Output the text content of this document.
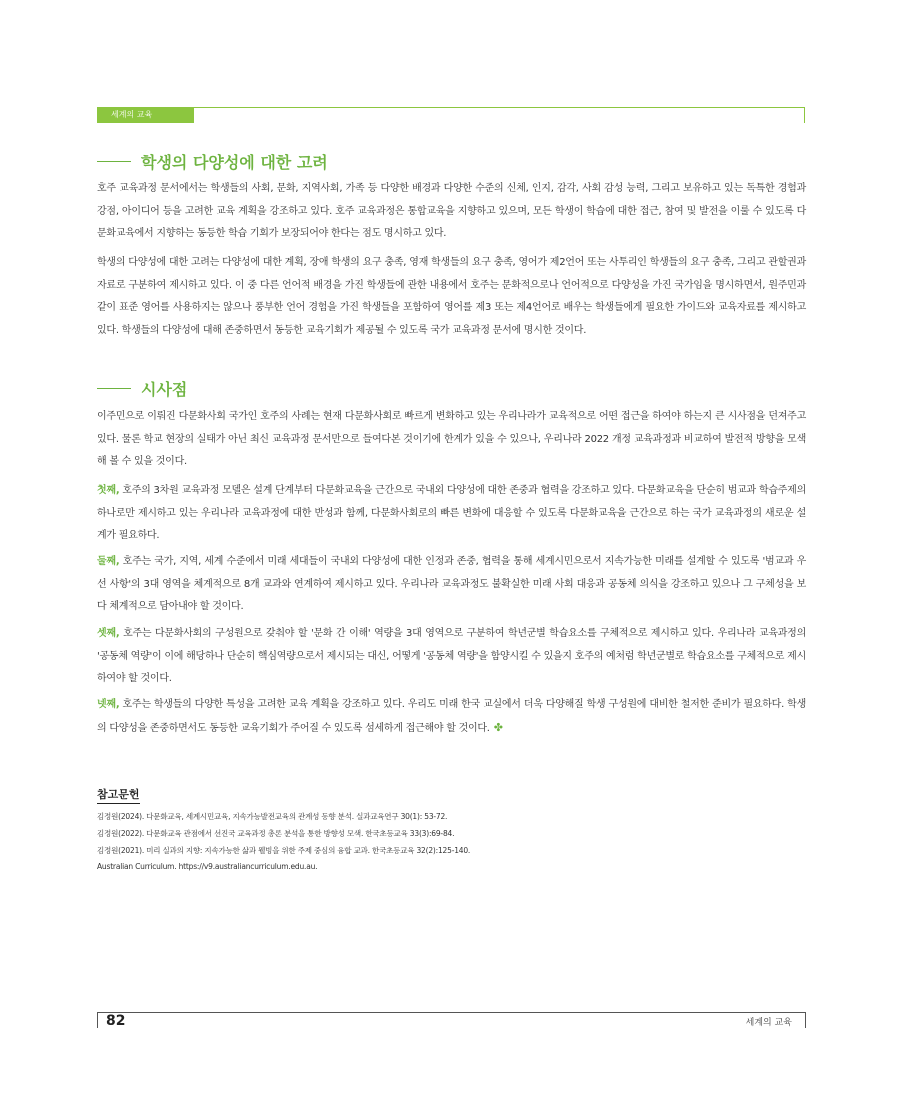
세계의 교육
학생의 다양성에 대한 고려

호주 교육과정 문서에서는 학생들의 사회, 문화, 지역사회, 가족 등 다양한 배경과 다양한 수준의 신체, 인지, 감각, 사회 감성 능력, 그리고 보유하고 있는 독특한 경험과 강점, 아이디어 등을 고려한 교육 계획을 강조하고 있다. 호주 교육과정은 통합교육을 지향하고 있으며, 모든 학생이 학습에 대한 접근, 참여 및 발전을 이룰 수 있도록 다문화교육에서 지향하는 동등한 학습 기회가 보장되어야 한다는 점도 명시하고 있다.

학생의 다양성에 대한 고려는 다양성에 대한 계획, 장애 학생의 요구 충족, 영재 학생들의 요구 충족, 영어가 제2언어 또는 사투리인 학생들의 요구 충족, 그리고 관할권과 자료로 구분하여 제시하고 있다. 이 중 다른 언어적 배경을 가진 학생들에 관한 내용에서 호주는 문화적으로나 언어적으로 다양성을 가진 국가임을 명시하면서, 원주민과 같이 표준 영어를 사용하지는 않으나 풍부한 언어 경험을 가진 학생들을 포함하여 영어를 제3 또는 제4언어로 배우는 학생들에게 필요한 가이드와 교육자료를 제시하고 있다. 학생들의 다양성에 대해 존중하면서 동등한 교육기회가 제공될 수 있도록 국가 교육과정 문서에 명시한 것이다.

시사점

이주민으로 이뤄진 다문화사회 국가인 호주의 사례는 현재 다문화사회로 빠르게 변화하고 있는 우리나라가 교육적으로 어떤 접근을 하여야 하는지 큰 시사점을 던져주고 있다. 물론 학교 현장의 실태가 아닌 최신 교육과정 문서만으로 들여다본 것이기에 한계가 있을 수 있으나, 우리나라 2022 개정 교육과정과 비교하여 발전적 방향을 모색해 볼 수 있을 것이다.

첫째, 호주의 3차원 교육과정 모델은 설계 단계부터 다문화교육을 근간으로 국내외 다양성에 대한 존중과 협력을 강조하고 있다. 다문화교육을 단순히 범교과 학습주제의 하나로만 제시하고 있는 우리나라 교육과정에 대한 반성과 함께, 다문화사회로의 빠른 변화에 대응할 수 있도록 다문화교육을 근간으로 하는 국가 교육과정의 새로운 설계가 필요하다.

둘째, 호주는 국가, 지역, 세계 수준에서 미래 세대들이 국내외 다양성에 대한 인정과 존중, 협력을 통해 세계시민으로서 지속가능한 미래를 설계할 수 있도록 '범교과 우선 사항'의 3대 영역을 체계적으로 8개 교과와 연계하여 제시하고 있다. 우리나라 교육과정도 불확실한 미래 사회 대응과 공동체 의식을 강조하고 있으나 그 구체성을 보다 체계적으로 담아내야 할 것이다.

셋째, 호주는 다문화사회의 구성원으로 갖춰야 할 '문화 간 이해' 역량을 3대 영역으로 구분하여 학년군별 학습요소를 구체적으로 제시하고 있다. 우리나라 교육과정의 '공동체 역량'이 이에 해당하나 단순히 핵심역량으로서 제시되는 대신, 어떻게 '공동체 역량'을 함양시킬 수 있을지 호주의 예처럼 학년군별로 학습요소를 구체적으로 제시하여야 할 것이다.

넷째, 호주는 학생들의 다양한 특성을 고려한 교육 계획을 강조하고 있다. 우리도 미래 한국 교실에서 더욱 다양해질 학생 구성원에 대비한 철저한 준비가 필요하다. 학생의 다양성을 존중하면서도 동등한 교육기회가 주어질 수 있도록 섬세하게 접근해야 할 것이다. ✤

참고문헌
김정원(2024). 다문화교육, 세계시민교육, 지속가능발전교육의 관계성 동향 분석. 실과교육연구 30(1): 53-72.
김정원(2022). 다문화교육 관점에서 선진국 교육과정 총론 분석을 통한 방향성 모색. 한국초등교육 33(3):69-84.
김정원(2021). 미리 실과의 지향: 지속가능한 삶과 웰빙을 위한 주제 중심의 융합 교과. 한국초등교육 32(2):125-140.
Australian Curriculum. https://v9.australiancurriculum.edu.au.
82	세계의 교육
